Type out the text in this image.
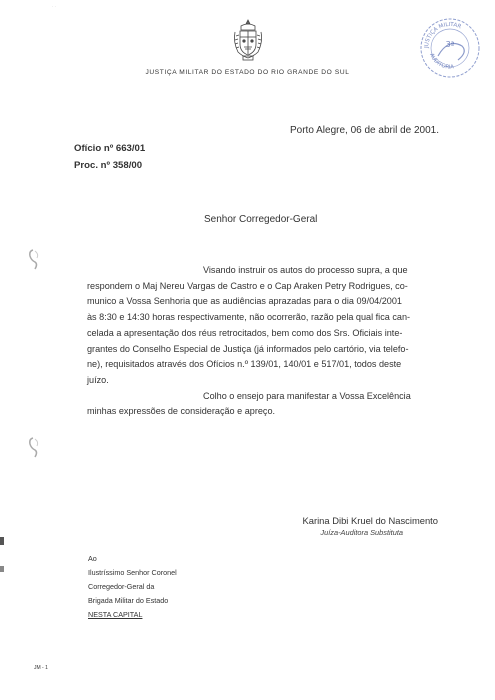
· ·
JUSTIÇA MILITAR DO ESTADO DO RIO GRANDE DO SUL
JUSTIÇA MILITAR
AUDITORIA
3ª
Porto Alegre, 06 de abril de 2001.
Ofício nº 663/01
Proc. nº 358/00
Senhor Corregedor-Geral

Visando instruir os autos do processo supra, a que

respondem o Maj Nereu Vargas de Castro e o Cap Araken Petry Rodrigues, co-

munico a Vossa Senhoria que as audiências aprazadas para o dia 09/04/2001

às 8:30 e 14:30 horas respectivamente, não ocorrerão, razão pela qual fica can-

celada a apresentação dos réus retrocitados, bem como dos Srs. Oficiais inte-

grantes do Conselho Especial de Justiça (já informados pelo cartório, via telefo-

ne), requisitados através dos Ofícios n.º 139/01, 140/01 e 517/01, todos deste

juízo.

Colho o ensejo para manifestar a Vossa Excelência

minhas expressões de consideração e apreço.

Karina Dibi Kruel do Nascimento
Juíza-Auditora Substituta
Ao
Ilustríssimo Senhor Coronel
Corregedor-Geral da
Brigada Militar do Estado
NESTA CAPITAL
JM - 1
